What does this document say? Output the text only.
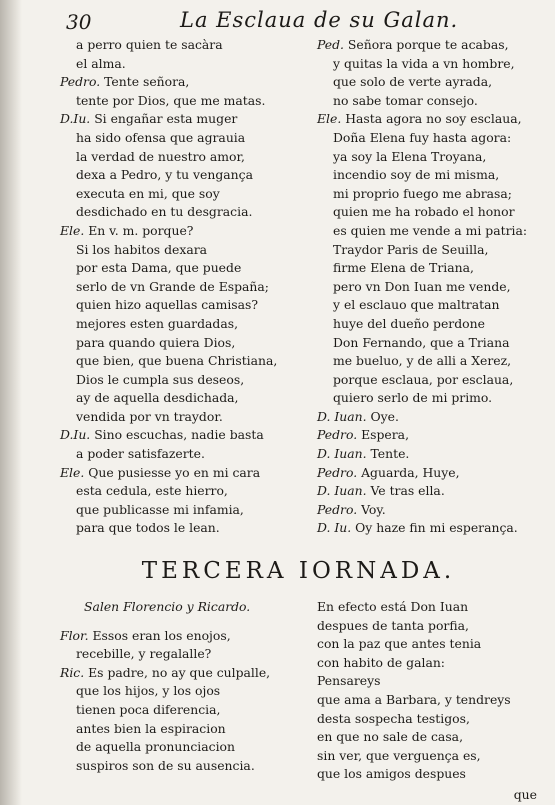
30	La Esclaua de su Galan.
a perro quien te sacàra
el alma.
Pedro. Tente señora,
tente por Dios, que me matas.
D.Iu. Si engañar esta muger
ha sido ofensa que agrauia
la verdad de nuestro amor,
dexa a Pedro, y tu vengança
executa en mi, que soy
desdichado en tu desgracia.
Ele. En v. m. porque?
Si los habitos dexara
por esta Dama, que puede
serlo de vn Grande de España;
quien hizo aquellas camisas?
mejores esten guardadas,
para quando quiera Dios,
que bien, que buena Christiana,
Dios le cumpla sus deseos,
ay de aquella desdichada,
vendida por vn traydor.
D.Iu. Sino escuchas, nadie basta
a poder satisfazerte.
Ele. Que pusiesse yo en mi cara
esta cedula, este hierro,
que publicasse mi infamia,
para que todos le lean.
Ped. Señora porque te acabas,
y quitas la vida a vn hombre,
que solo de verte ayrada,
no sabe tomar consejo.
Ele. Hasta agora no soy esclaua,
Doña Elena fuy hasta agora:
ya soy la Elena Troyana,
incendio soy de mi misma,
mi proprio fuego me abrasa;
quien me ha robado el honor
es quien me vende a mi patria:
Traydor Paris de Seuilla,
firme Elena de Triana,
pero vn Don Iuan me vende,
y el esclauo que maltratan
huye del dueño perdone
Don Fernando, que a Triana
me bueluo, y de alli a Xerez,
porque esclaua, por esclaua,
quiero serlo de mi primo.
D. Iuan. Oye.
Pedro. Espera,
D. Iuan. Tente.
Pedro. Aguarda, Huye,
D. Iuan. Ve tras ella.
Pedro. Voy.
D. Iu. Oy haze fin mi esperança.
TERCERA IORNADA.
Salen Florencio y Ricardo.
Flor. Essos eran los enojos,
recebille, y regalalle?
Ric. Es padre, no ay que culpalle,
que los hijos, y los ojos
tienen poca diferencia,
antes bien la espiracion
de aquella pronunciacion
suspiros son de su ausencia.
En efecto está Don Iuan
despues de tanta porfia,
con la paz que antes tenia
con habito de galan:
Pensareys
que ama a Barbara, y tendreys
desta sospecha testigos,
en que no sale de casa,
sin ver, que verguença es,
que los amigos despues
que
